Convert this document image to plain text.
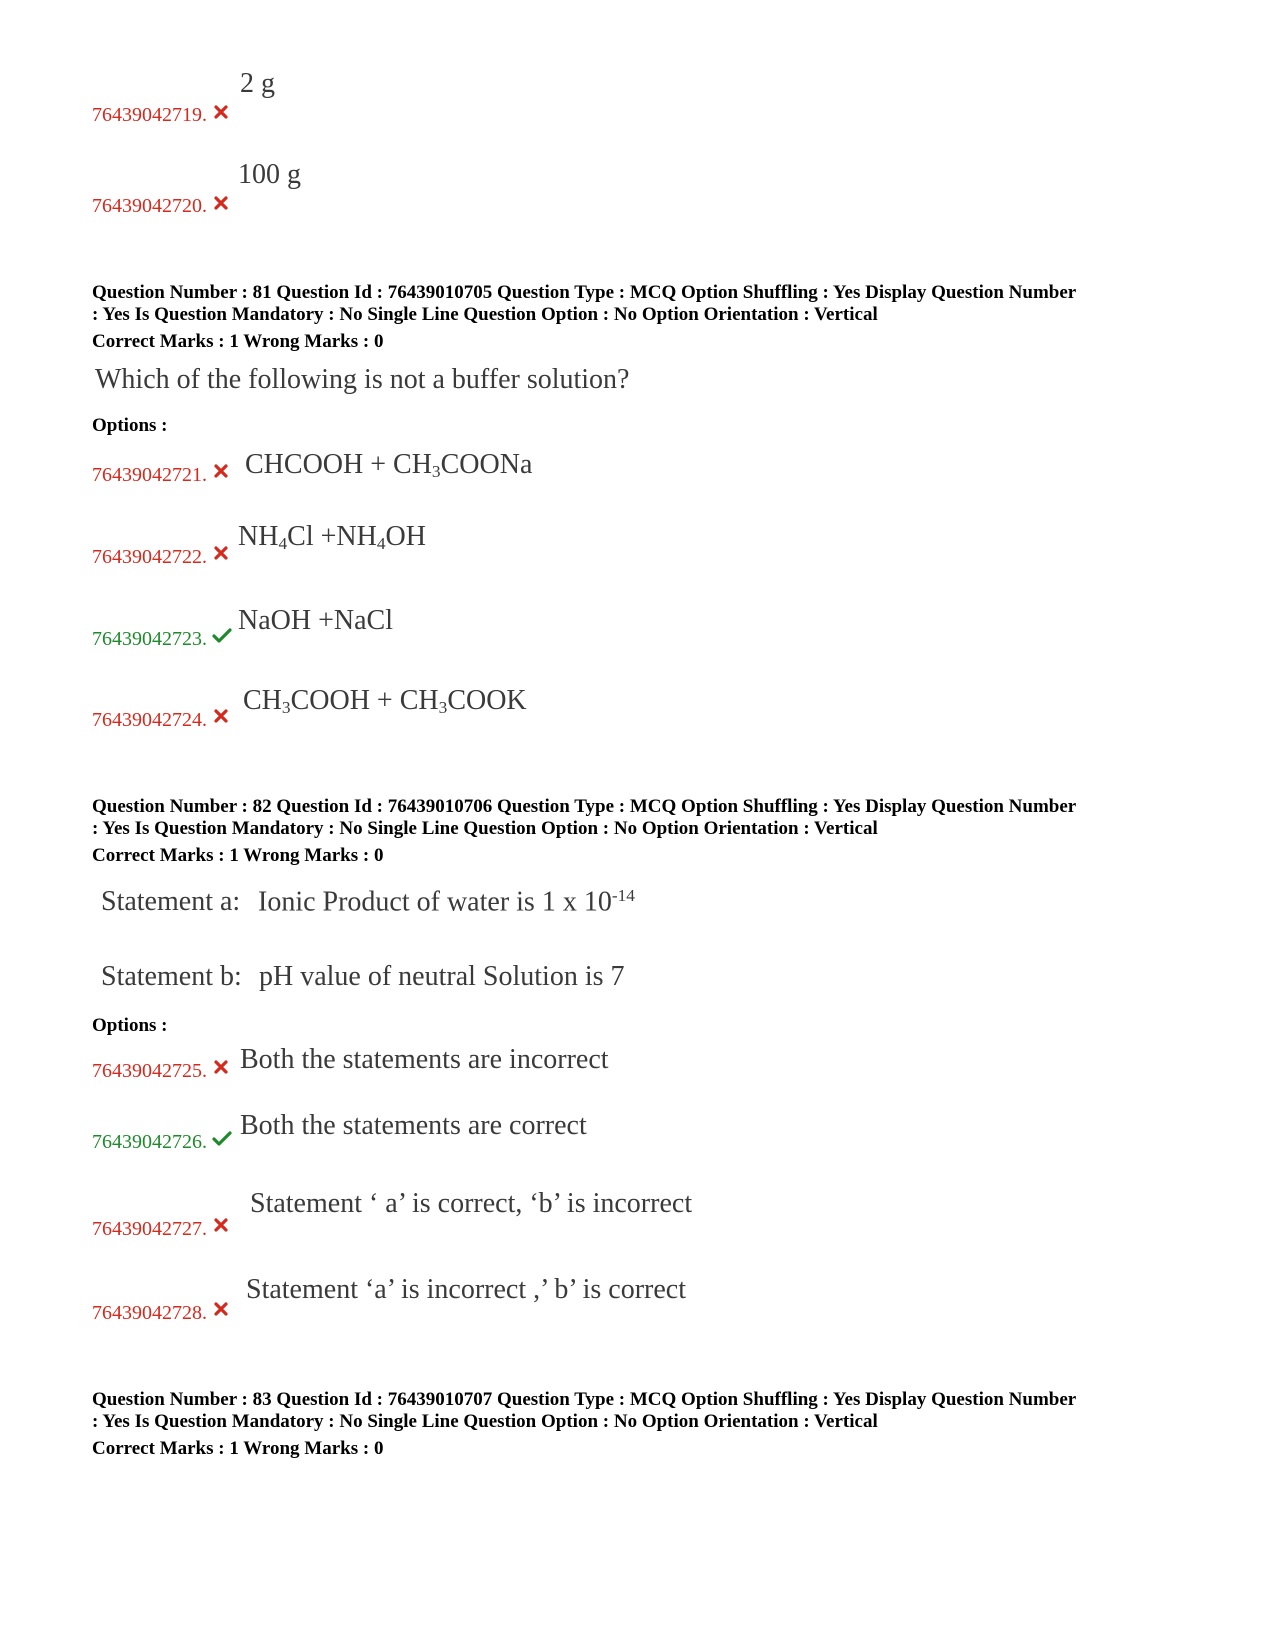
2 g
76439042719.
100 g
76439042720.
Question Number : 81 Question Id : 76439010705 Question Type : MCQ Option Shuffling : Yes Display Question Number
: Yes Is Question Mandatory : No Single Line Question Option : No Option Orientation : Vertical
Correct Marks : 1 Wrong Marks : 0
Which of the following is not a buffer solution?
Options :
CHCOOH + $CH_3COONa$
76439042721.
$NH_4Cl +NH_4OH$
76439042722.
NaOH +NaCl
76439042723.
$CH_3COOH$ + $CH_3COOK$
76439042724.
Question Number : 82 Question Id : 76439010706 Question Type : MCQ Option Shuffling : Yes Display Question Number
: Yes Is Question Mandatory : No Single Line Question Option : No Option Orientation : Vertical
Correct Marks : 1 Wrong Marks : 0
Statement a: Ionic Product of water is 1 x $10^{-14}$
Statement b: pH value of neutral Solution is 7
Options :
Both the statements are incorrect
76439042725.
Both the statements are correct
76439042726.
Statement ‘ a’ is correct, ‘b’ is incorrect
76439042727.
Statement ‘a’ is incorrect ,’ b’ is correct
76439042728.
Question Number : 83 Question Id : 76439010707 Question Type : MCQ Option Shuffling : Yes Display Question Number
: Yes Is Question Mandatory : No Single Line Question Option : No Option Orientation : Vertical
Correct Marks : 1 Wrong Marks : 0
